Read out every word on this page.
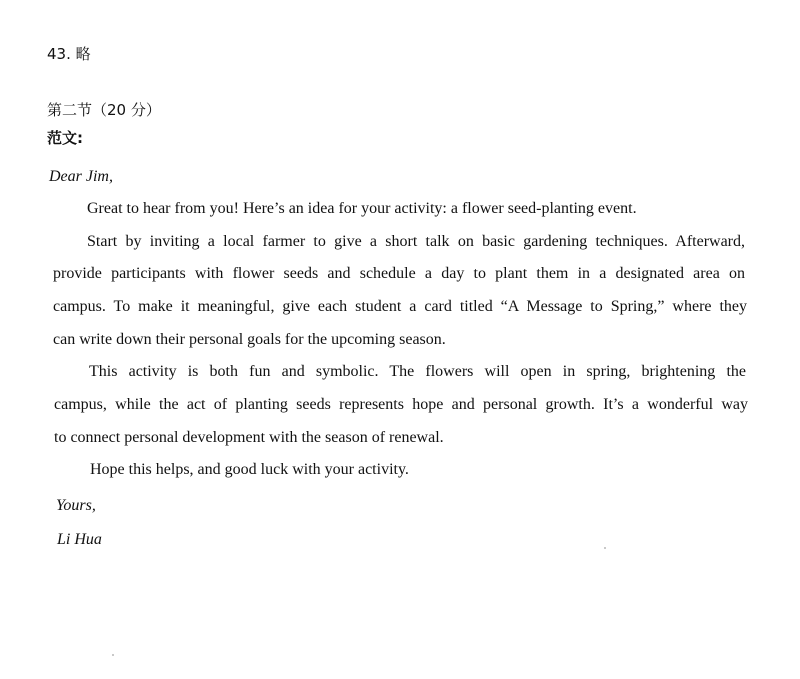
43. 略
第二节（20 分）
范文:
Dear Jim,
Great to hear from you! Here’s an idea for your activity: a flower seed-planting event.
Start by inviting a local farmer to give a short talk on basic gardening techniques. Afterward,
provide participants with flower seeds and schedule a day to plant them in a designated area on
campus. To make it meaningful, give each student a card titled “A Message to Spring,” where they
can write down their personal goals for the upcoming season.
This activity is both fun and symbolic. The flowers will open in spring, brightening the
campus, while the act of planting seeds represents hope and personal growth. It’s a wonderful way
to connect personal development with the season of renewal.
Hope this helps, and good luck with your activity.
Yours,
Li Hua
